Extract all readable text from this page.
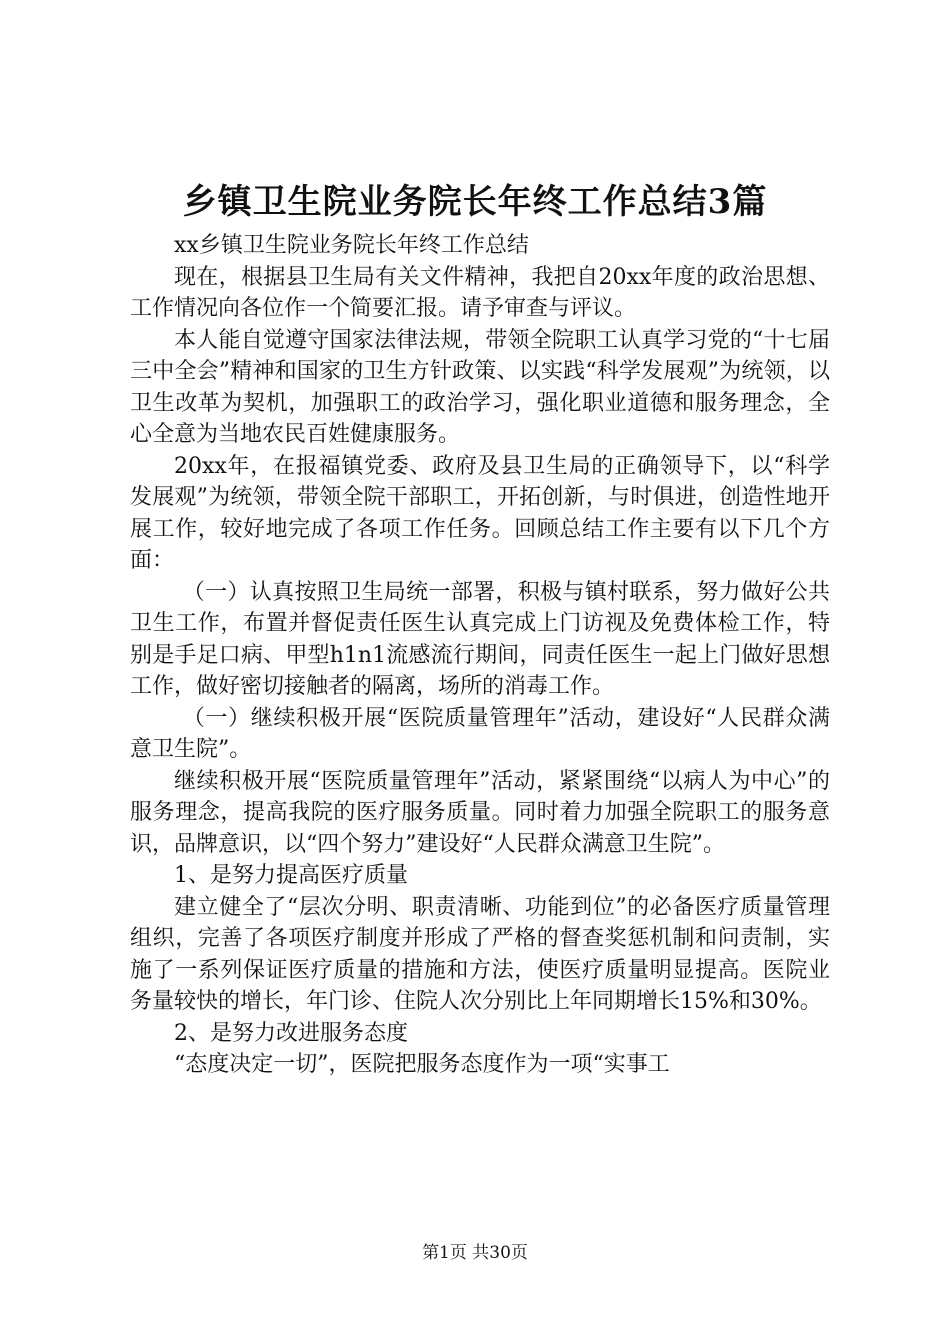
乡镇卫生院业务院长年终工作总结3篇

xx乡镇卫生院业务院长年终工作总结

现在，根据县卫生局有关文件精神，我把自20xx年度的政治思想、工作情况向各位作一个简要汇报。请予审查与评议。

本人能自觉遵守国家法律法规，带领全院职工认真学习党的“十七届三中全会”精神和国家的卫生方针政策、以实践“科学发展观”为统领，以卫生改革为契机，加强职工的政治学习，强化职业道德和服务理念，全心全意为当地农民百姓健康服务。

20xx年，在报福镇党委、政府及县卫生局的正确领导下，以“科学发展观”为统领，带领全院干部职工，开拓创新，与时俱进，创造性地开展工作，较好地完成了各项工作任务。回顾总结工作主要有以下几个方面：

（一）认真按照卫生局统一部署，积极与镇村联系，努力做好公共卫生工作，布置并督促责任医生认真完成上门访视及免费体检工作，特别是手足口病、甲型h1n1流感流行期间，同责任医生一起上门做好思想工作，做好密切接触者的隔离，场所的消毒工作。

（一）继续积极开展“医院质量管理年”活动，建设好“人民群众满意卫生院”。

继续积极开展“医院质量管理年”活动，紧紧围绕“以病人为中心”的服务理念，提高我院的医疗服务质量。同时着力加强全院职工的服务意识，品牌意识，以“四个努力”建设好“人民群众满意卫生院”。

1、是努力提高医疗质量

建立健全了“层次分明、职责清晰、功能到位”的必备医疗质量管理组织，完善了各项医疗制度并形成了严格的督查奖惩机制和问责制，实施了一系列保证医疗质量的措施和方法，使医疗质量明显提高。医院业务量较快的增长，年门诊、住院人次分别比上年同期增长15%和30%。

2、是努力改进服务态度

“态度决定一切”，医院把服务态度作为一项“实事工

第1页 共30页
